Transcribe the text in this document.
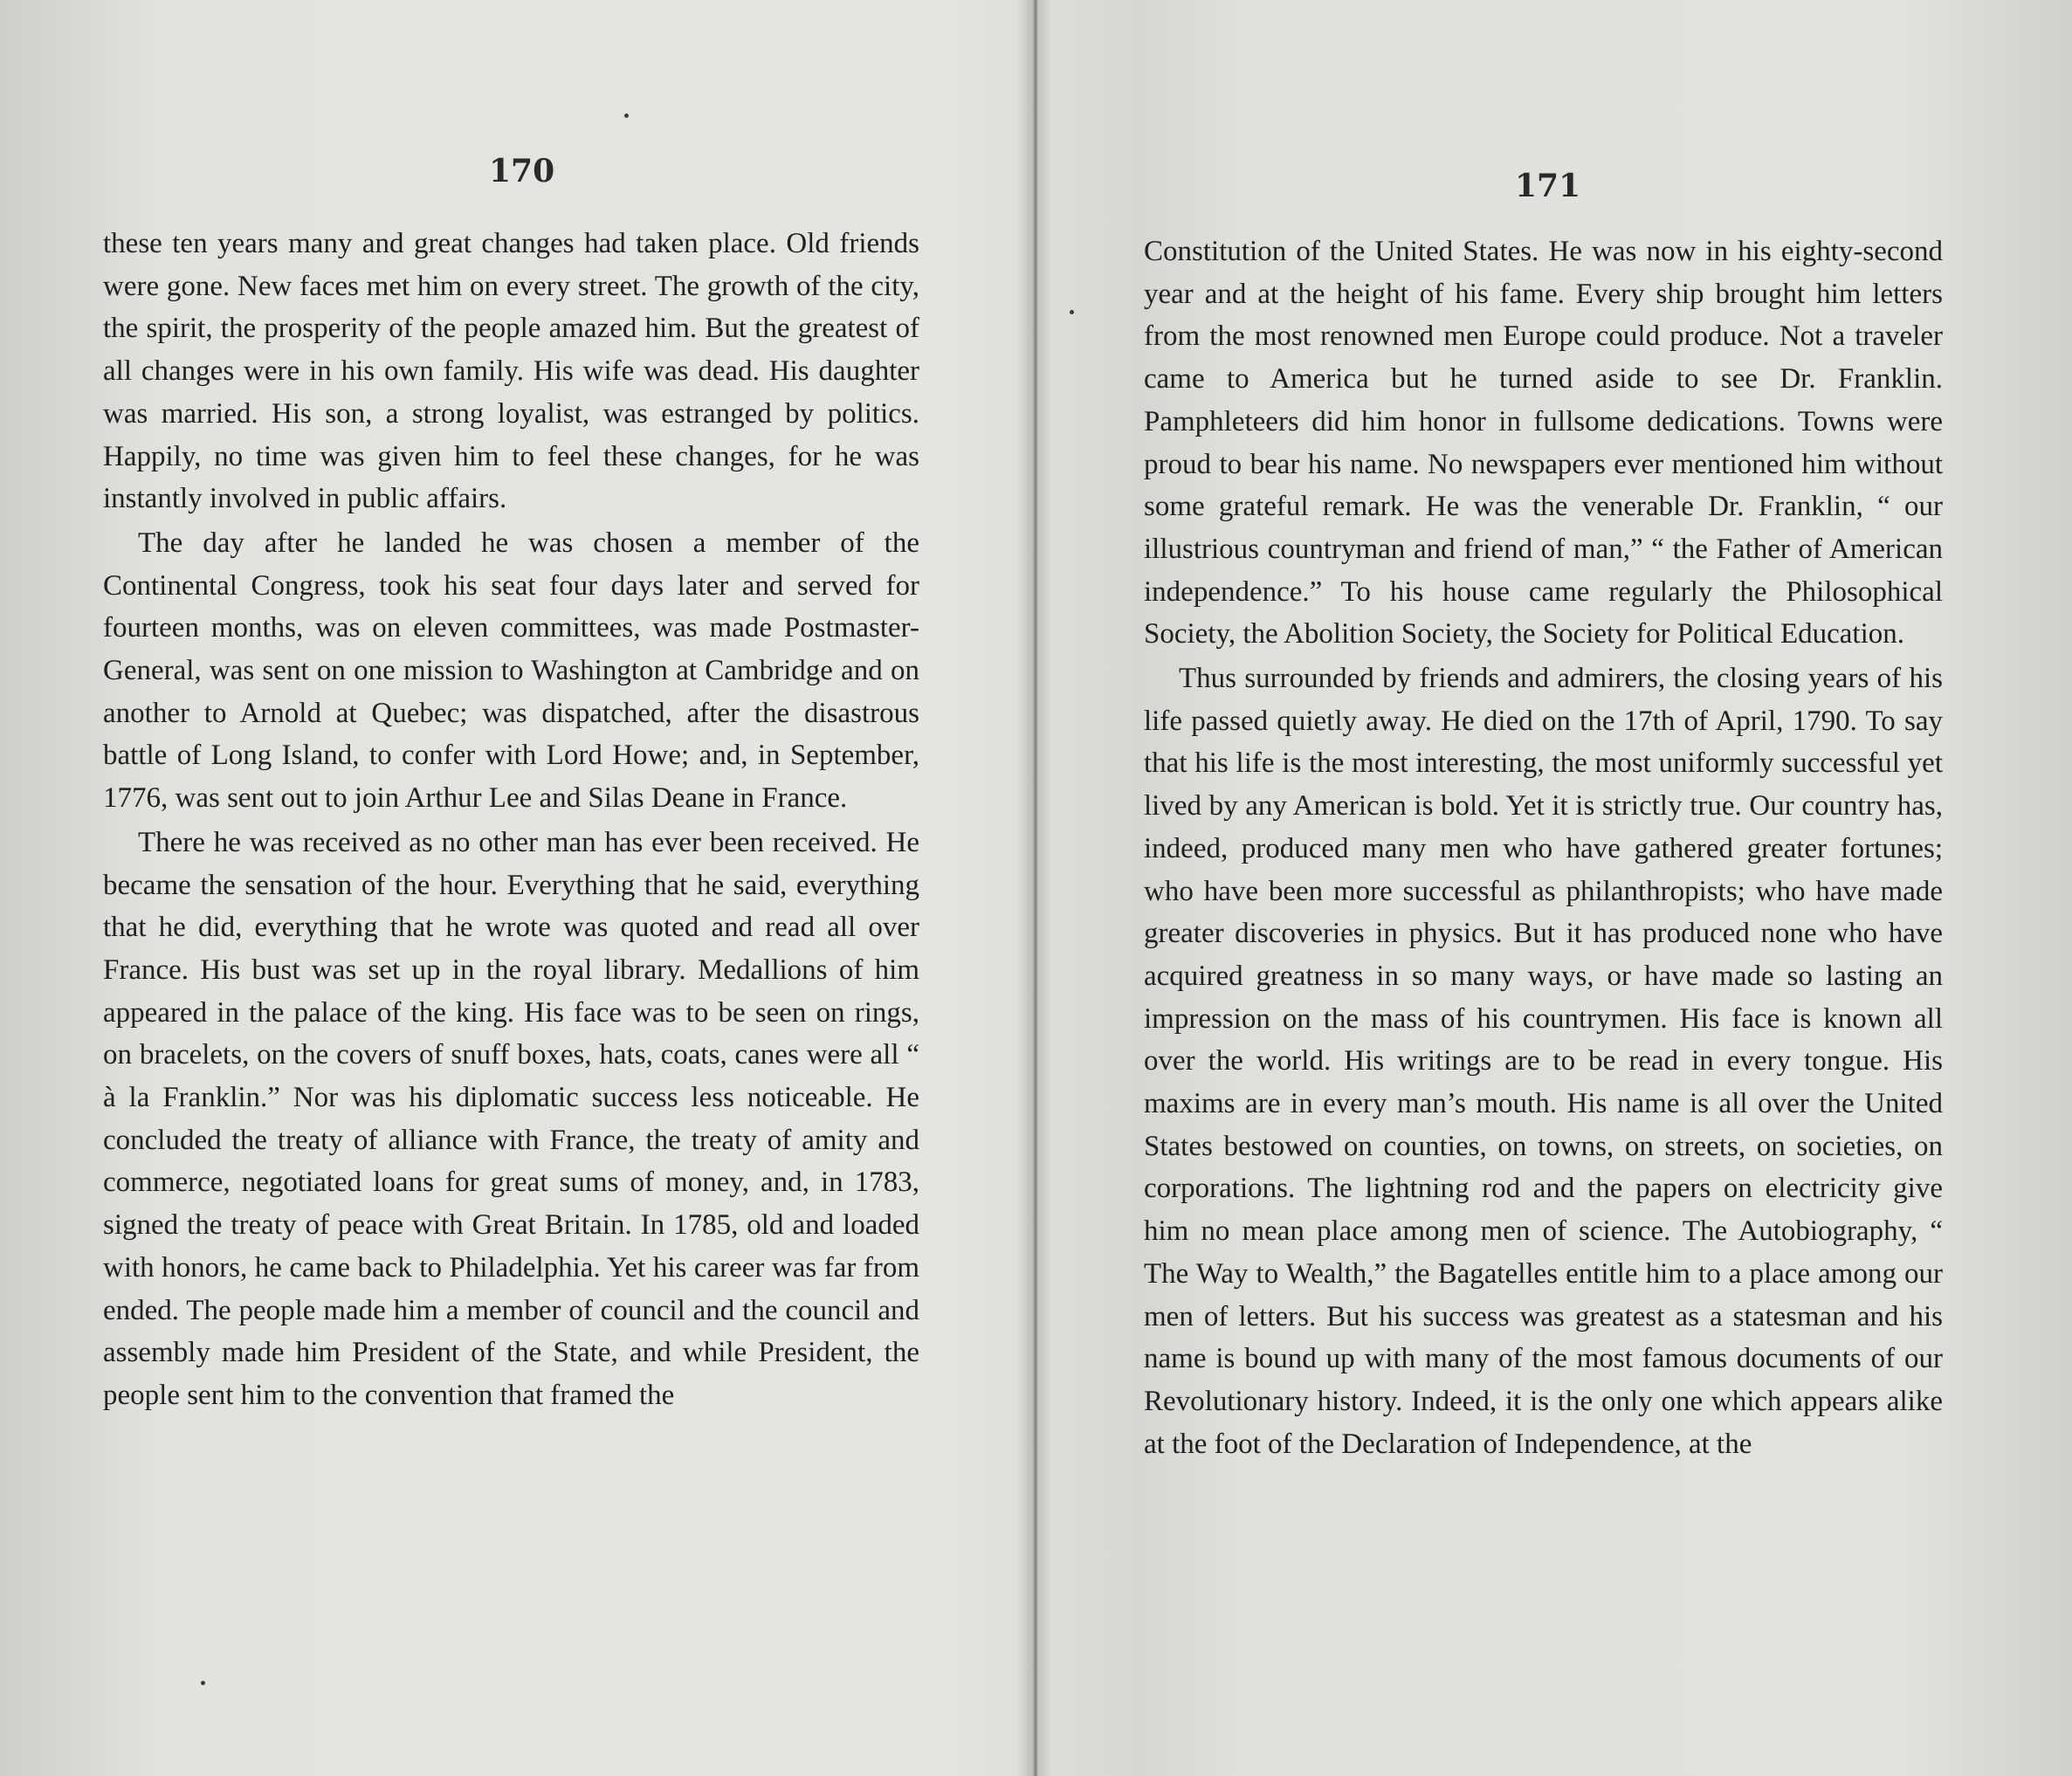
170

these ten years many and great changes had taken place. Old friends were gone. New faces met him on every street. The growth of the city, the spirit, the prosperity of the people amazed him. But the greatest of all changes were in his own family. His wife was dead. His daughter was married. His son, a strong loyalist, was estranged by politics. Happily, no time was given him to feel these changes, for he was instantly involved in public affairs.

The day after he landed he was chosen a member of the Continental Congress, took his seat four days later and served for fourteen months, was on eleven committees, was made Postmaster-General, was sent on one mission to Washington at Cambridge and on another to Arnold at Quebec; was dispatched, after the disastrous battle of Long Island, to confer with Lord Howe; and, in September, 1776, was sent out to join Arthur Lee and Silas Deane in France.

There he was received as no other man has ever been received. He became the sensation of the hour. Everything that he said, everything that he did, everything that he wrote was quoted and read all over France. His bust was set up in the royal library. Medallions of him appeared in the palace of the king. His face was to be seen on rings, on bracelets, on the covers of snuff boxes, hats, coats, canes were all “ à la Franklin.” Nor was his diplomatic success less noticeable. He concluded the treaty of alliance with France, the treaty of amity and commerce, negotiated loans for great sums of money, and, in 1783, signed the treaty of peace with Great Britain. In 1785, old and loaded with honors, he came back to Philadelphia. Yet his career was far from ended. The people made him a member of council and the council and assembly made him President of the State, and while President, the people sent him to the convention that framed the

171

Constitution of the United States. He was now in his eighty-second year and at the height of his fame. Every ship brought him letters from the most renowned men Europe could produce. Not a traveler came to America but he turned aside to see Dr. Franklin. Pamphleteers did him honor in fullsome dedications. Towns were proud to bear his name. No newspapers ever mentioned him without some grateful remark. He was the venerable Dr. Franklin, “ our illustrious countryman and friend of man,” “ the Father of American independence.” To his house came regularly the Philosophical Society, the Abolition Society, the Society for Political Education.

Thus surrounded by friends and admirers, the closing years of his life passed quietly away. He died on the 17th of April, 1790. To say that his life is the most interesting, the most uniformly successful yet lived by any American is bold. Yet it is strictly true. Our country has, indeed, produced many men who have gathered greater fortunes; who have been more successful as philanthropists; who have made greater discoveries in physics. But it has produced none who have acquired greatness in so many ways, or have made so lasting an impression on the mass of his countrymen. His face is known all over the world. His writings are to be read in every tongue. His maxims are in every man’s mouth. His name is all over the United States bestowed on counties, on towns, on streets, on societies, on corporations. The lightning rod and the papers on electricity give him no mean place among men of science. The Autobiography, “ The Way to Wealth,” the Bagatelles entitle him to a place among our men of letters. But his success was greatest as a statesman and his name is bound up with many of the most famous documents of our Revolutionary history. Indeed, it is the only one which appears alike at the foot of the Declaration of Independence, at the
